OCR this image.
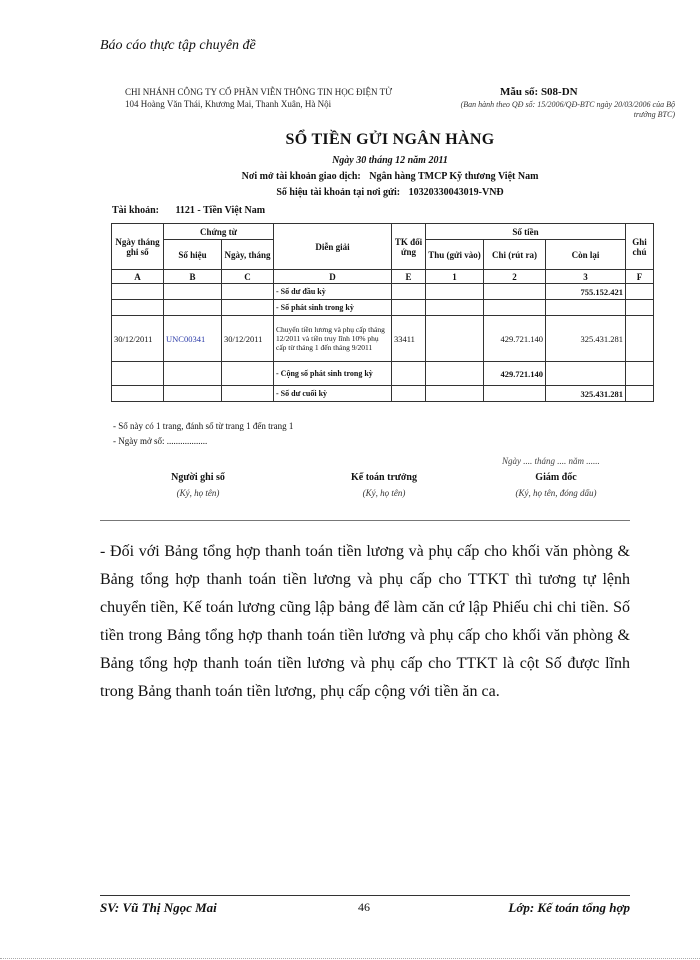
Báo cáo thực tập chuyên đề
CHI NHÁNH CÔNG TY CỔ PHẦN VIỄN THÔNG TIN HỌC ĐIỆN TỬ
104 Hoàng Văn Thái, Khương Mai, Thanh Xuân, Hà Nội
Mẫu số: S08-DN
(Ban hành theo QĐ số: 15/2006/QĐ-BTC ngày 20/03/2006 của Bộ trưởng BTC)
SỔ TIỀN GỬI NGÂN HÀNG
Ngày 30 tháng 12 năm 2011
Nơi mở tài khoản giao dịch: Ngân hàng TMCP Kỹ thương Việt Nam
Số hiệu tài khoản tại nơi gửi: 10320330043019-VNĐ
Tài khoản: 1121 - Tiền Việt Nam
Ngày tháng ghi sổ	Chứng từ		Diễn giải	TK đối ứng	Số tiền			Ghi chú
	Số hiệu	Ngày, tháng			Thu (gửi vào)	Chi (rút ra)	Còn lại	
A	B	C	D	E	1	2	3	F
			- Số dư đầu kỳ				755.152.421	
			- Số phát sinh trong kỳ					
30/12/2011	UNC00341	30/12/2011	Chuyển tiền lương và phụ cấp tháng 12/2011 và tiền truy lĩnh 10% phụ cấp từ tháng 1 đến tháng 9/2011	33411		429.721.140	325.431.281	
			- Cộng số phát sinh trong kỳ			429.721.140		
			- Số dư cuối kỳ				325.431.281	
- Sổ này có 1 trang, đánh số từ trang 1 đến trang 1
- Ngày mở sổ: ..................
Ngày .... tháng .... năm ......
Người ghi sổ
(Ký, họ tên)
Kế toán trưởng
(Ký, họ tên)
Giám đốc
(Ký, họ tên, đóng dấu)
- Đối với Bảng tổng hợp thanh toán tiền lương và phụ cấp cho khối văn phòng & Bảng tổng hợp thanh toán tiền lương và phụ cấp cho TTKT thì tương tự lệnh chuyển tiền, Kế toán lương cũng lập bảng để làm căn cứ lập Phiếu chi chi tiền. Số tiền trong Bảng tổng hợp thanh toán tiền lương và phụ cấp cho khối văn phòng & Bảng tổng hợp thanh toán tiền lương và phụ cấp cho TTKT là cột Số được lĩnh trong Bảng thanh toán tiền lương, phụ cấp cộng với tiền ăn ca.
SV: Vũ Thị Ngọc Mai	46	Lớp: Kế toán tổng hợp
